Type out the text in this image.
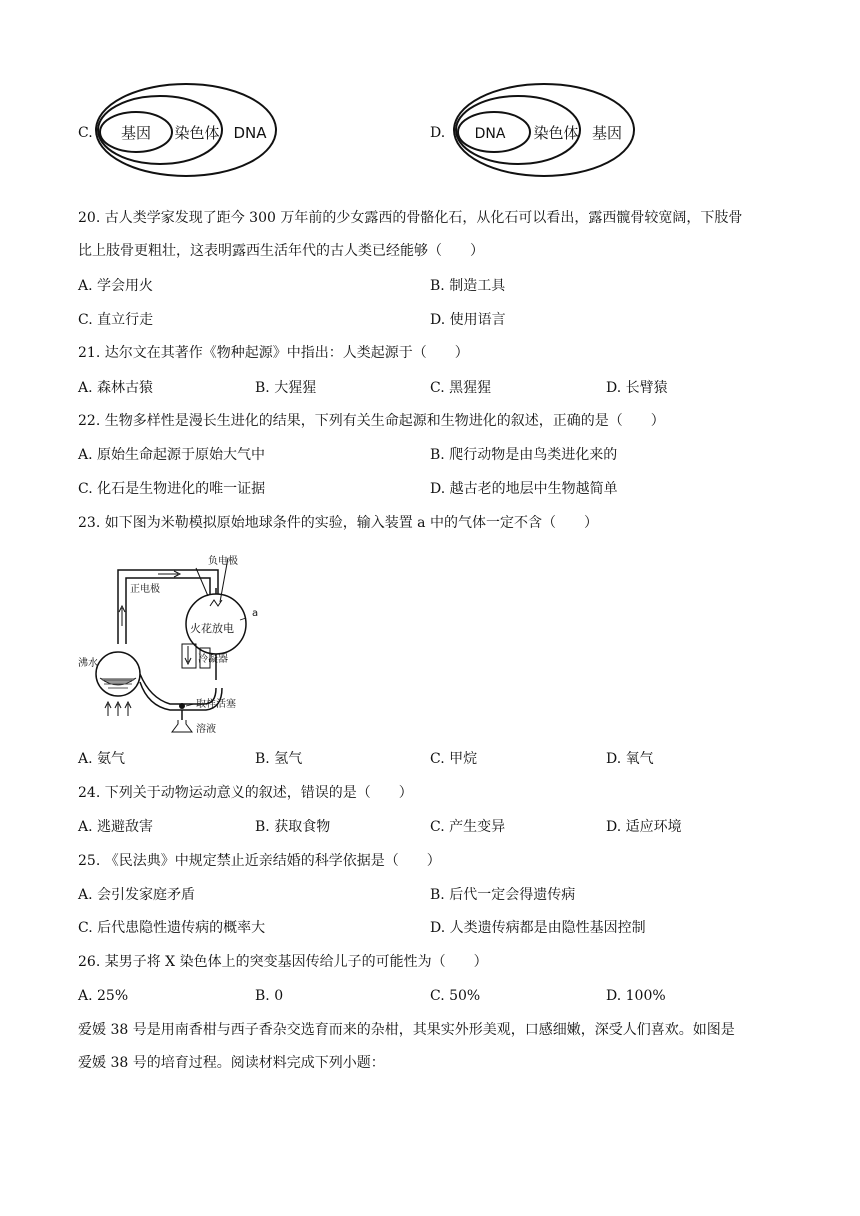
C. 基因 染色体 DNA	D. DNA 染色体 基因
20. 古人类学家发现了距今 300 万年前的少女露西的骨骼化石，从化石可以看出，露西髋骨较宽阔，下肢骨
比上肢骨更粗壮，这表明露西生活年代的古人类已经能够（　　）
A. 学会用火	B. 制造工具
C. 直立行走	D. 使用语言
21. 达尔文在其著作《物种起源》中指出：人类起源于（　　）
A. 森林古猿	B. 大猩猩	C. 黑猩猩	D. 长臂猿
22. 生物多样性是漫长生进化的结果，下列有关生命起源和生物进化的叙述，正确的是（　　）
A. 原始生命起源于原始大气中	B. 爬行动物是由鸟类进化来的
C. 化石是生物进化的唯一证据	D. 越古老的地层中生物越简单
23. 如下图为米勒模拟原始地球条件的实验，输入装置 a 中的气体一定不含（　　）
负电极
正电极
火花放电
a
冷凝器
沸水
取样活塞
溶液
A. 氨气	B. 氢气	C. 甲烷	D. 氧气
24. 下列关于动物运动意义的叙述，错误的是（　　）
A. 逃避敌害	B. 获取食物	C. 产生变异	D. 适应环境
25. 《民法典》中规定禁止近亲结婚的科学依据是（　　）
A. 会引发家庭矛盾	B. 后代一定会得遗传病
C. 后代患隐性遗传病的概率大	D. 人类遗传病都是由隐性基因控制
26. 某男子将 X 染色体上的突变基因传给儿子的可能性为（　　）
A. 25%	B. 0	C. 50%	D. 100%
爱媛 38 号是用南香柑与西子香杂交选育而来的杂柑，其果实外形美观，口感细嫩，深受人们喜欢。如图是
爱媛 38 号的培育过程。阅读材料完成下列小题：
